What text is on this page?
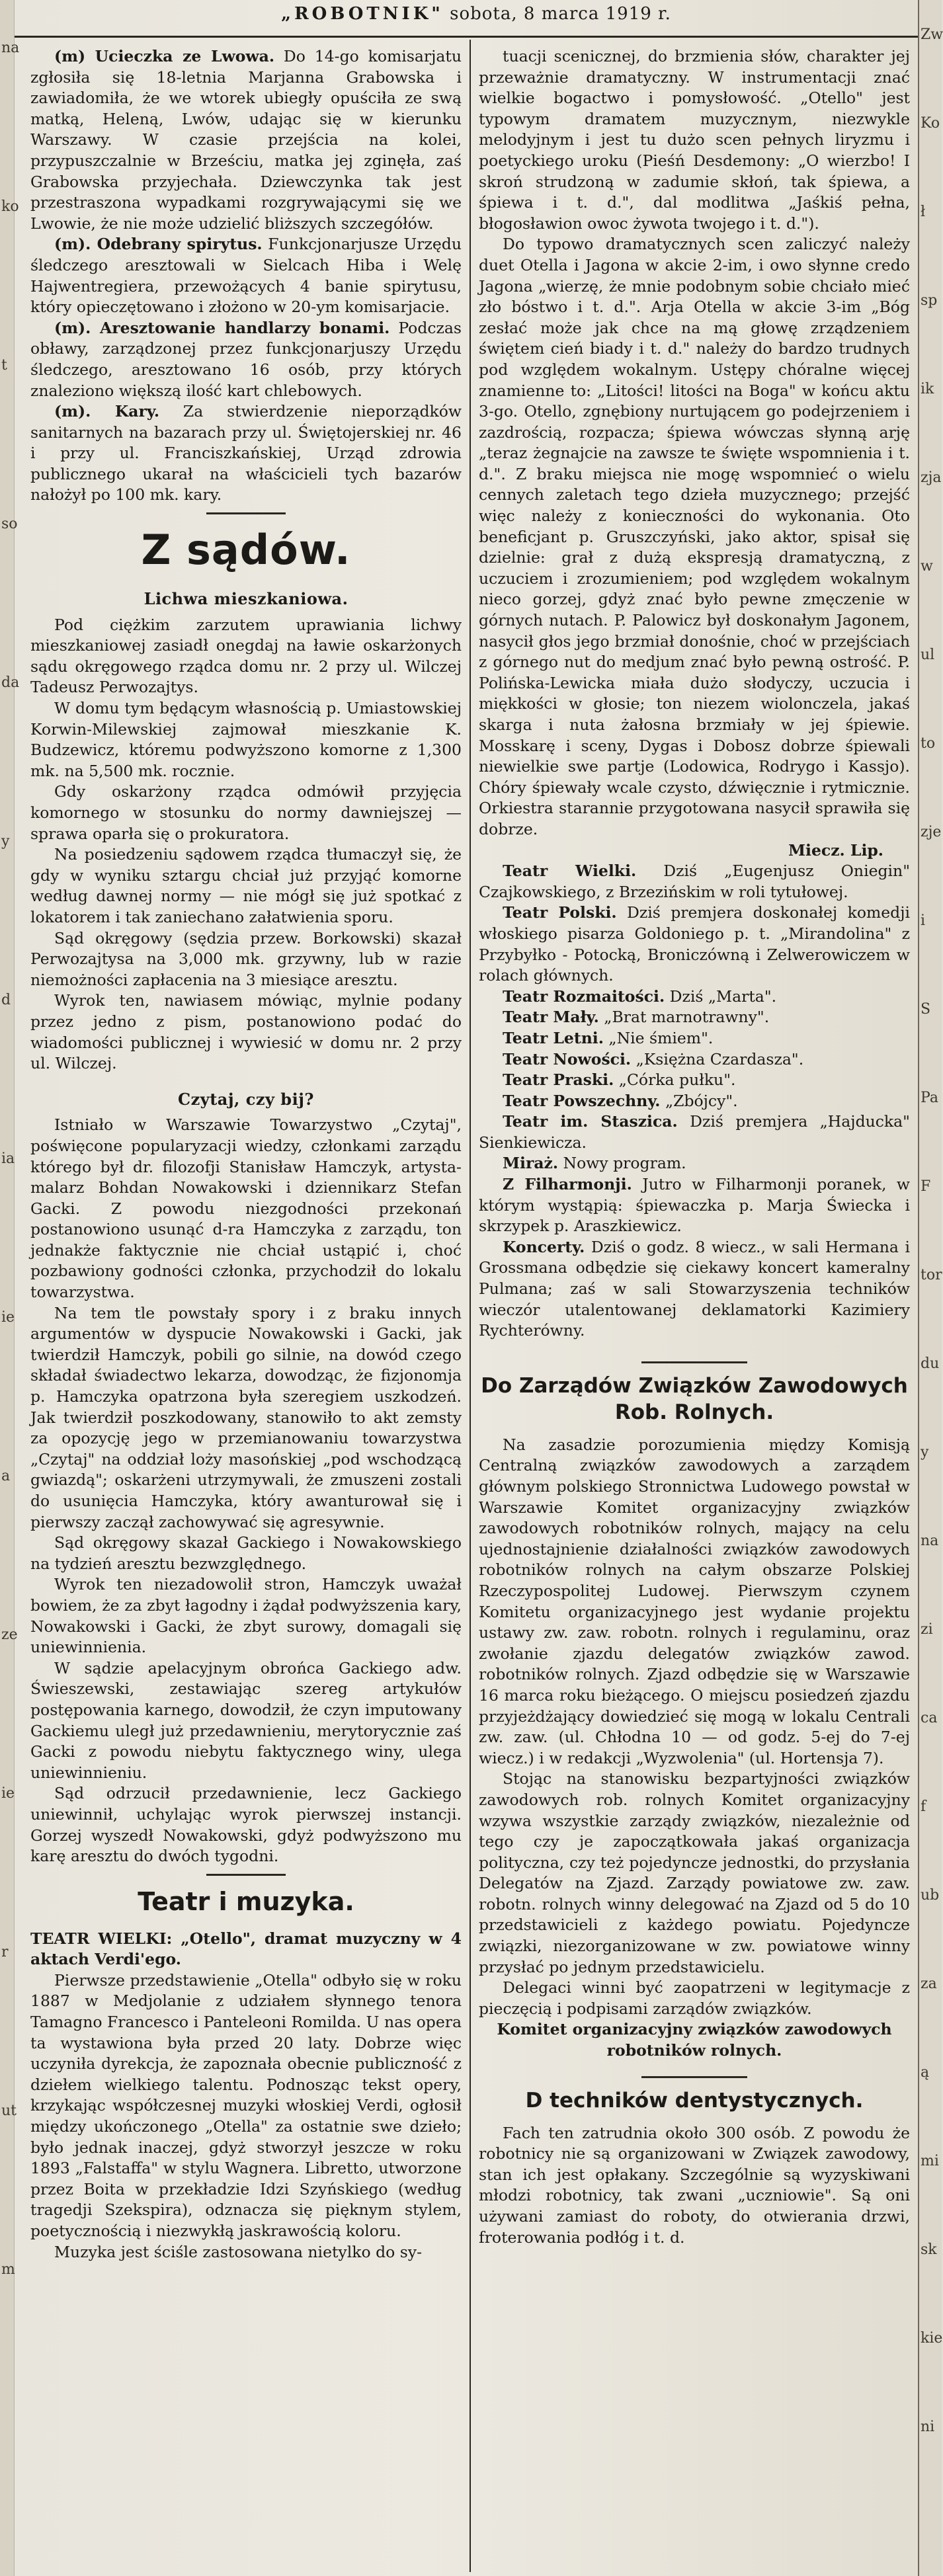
na
ko
t
so
da
y
d
ia
ie
a
ze
ie
r
ut
m
Zw
Ko
ł
sp
ik
zja
w
ul
to
zje
i
S
Pa
F
tor
du
y
na
zi
ca
f
ub
za
ą
mi
sk
kie
ni
„ROBOTNIK" sobota, 8 marca 1919 r.

(m) Ucieczka ze Lwowa. Do 14-go komisarjatu zgłosiła się 18-letnia Marjanna Grabowska i zawiadomiła, że we wtorek ubiegły opuściła ze swą matką, Heleną, Lwów, udając się w kierunku Warszawy. W czasie przejścia na kolei, przypuszczalnie w Brześciu, matka jej zginęła, zaś Grabowska przyjechała. Dziewczynka tak jest przestraszona wypadkami rozgrywającymi się we Lwowie, że nie może udzielić bliższych szczegółów.

(m). Odebrany spirytus. Funkcjonarjusze Urzędu śledczego aresztowali w Sielcach Hiba i Welę Hajwentregiera, przewożących 4 banie spirytusu, który opieczętowano i złożono w 20-ym komisarjacie.

(m). Aresztowanie handlarzy bonami. Podczas obławy, zarządzonej przez funkcjonarjuszy Urzędu śledczego, aresztowano 16 osób, przy których znaleziono większą ilość kart chlebowych.

(m). Kary. Za stwierdzenie nieporządków sanitarnych na bazarach przy ul. Świętojerskiej nr. 46 i przy ul. Franciszkańskiej, Urząd zdrowia publicznego ukarał na właścicieli tych bazarów nałożył po 100 mk. kary.

Z sądów.
Lichwa mieszkaniowa.

Pod ciężkim zarzutem uprawiania lichwy mieszkaniowej zasiadł onegdaj na ławie oskarżonych sądu okręgowego rządca domu nr. 2 przy ul. Wilczej Tadeusz Perwozajtys.

W domu tym będącym własnością p. Umiastowskiej Korwin-Milewskiej zajmował mieszkanie K. Budzewicz, któremu podwyższono komorne z 1,300 mk. na 5,500 mk. rocznie.

Gdy oskarżony rządca odmówił przyjęcia komornego w stosunku do normy dawniejszej — sprawa oparła się o prokuratora.

Na posiedzeniu sądowem rządca tłumaczył się, że gdy w wyniku sztargu chciał już przyjąć komorne według dawnej normy — nie mógł się już spotkać z lokatorem i tak zaniechano załatwienia sporu.

Sąd okręgowy (sędzia przew. Borkowski) skazał Perwozajtysa na 3,000 mk. grzywny, lub w razie niemożności zapłacenia na 3 miesiące aresztu.

Wyrok ten, nawiasem mówiąc, mylnie podany przez jedno z pism, postanowiono podać do wiadomości publicznej i wywiesić w domu nr. 2 przy ul. Wilczej.

Czytaj, czy bij?

Istniało w Warszawie Towarzystwo „Czytaj", poświęcone popularyzacji wiedzy, członkami zarządu którego był dr. filozofji Stanisław Hamczyk, artysta-malarz Bohdan Nowakowski i dziennikarz Stefan Gacki. Z powodu niezgodności przekonań postanowiono usunąć d-ra Hamczyka z zarządu, ton jednakże faktycznie nie chciał ustąpić i, choć pozbawiony godności członka, przychodził do lokalu towarzystwa.

Na tem tle powstały spory i z braku innych argumentów w dyspucie Nowakowski i Gacki, jak twierdził Hamczyk, pobili go silnie, na dowód czego składał świadectwo lekarza, dowodząc, że fizjonomja p. Hamczyka opatrzona była szeregiem uszkodzeń. Jak twierdził poszkodowany, stanowiło to akt zemsty za opozycję jego w przemianowaniu towarzystwa „Czytaj" na oddział loży masońskiej „pod wschodzącą gwiazdą"; oskarżeni utrzymywali, że zmuszeni zostali do usunięcia Hamczyka, który awanturował się i pierwszy zaczął zachowywać się agresywnie.

Sąd okręgowy skazał Gackiego i Nowakowskiego na tydzień aresztu bezwzględnego.

Wyrok ten niezadowolił stron, Hamczyk uważał bowiem, że za zbyt łagodny i żądał podwyższenia kary, Nowakowski i Gacki, że zbyt surowy, domagali się uniewinnienia.

W sądzie apelacyjnym obrońca Gackiego adw. Świeszewski, zestawiając szereg artykułów postępowania karnego, dowodził, że czyn imputowany Gackiemu uległ już przedawnieniu, merytorycznie zaś Gacki z powodu niebytu faktycznego winy, ulega uniewinnieniu.

Sąd odrzucił przedawnienie, lecz Gackiego uniewinnił, uchylając wyrok pierwszej instancji. Gorzej wyszedł Nowakowski, gdyż podwyższono mu karę aresztu do dwóch tygodni.

Teatr i muzyka.

TEATR WIELKI: „Otello", dramat muzyczny w 4 aktach Verdi'ego.

Pierwsze przedstawienie „Otella" odbyło się w roku 1887 w Medjolanie z udziałem słynnego tenora Tamagno Francesco i Panteleoni Romilda. U nas opera ta wystawiona była przed 20 laty. Dobrze więc uczyniła dyrekcja, że zapoznała obecnie publiczność z dziełem wielkiego talentu. Podnosząc tekst opery, krzykając współczesnej muzyki włoskiej Verdi, ogłosił między ukończonego „Otella" za ostatnie swe dzieło; było jednak inaczej, gdyż stworzył jeszcze w roku 1893 „Falstaffa" w stylu Wagnera. Libretto, utworzone przez Boita w przekładzie Idzi Szyńskiego (według tragedji Szekspira), odznacza się pięknym stylem, poetycznością i niezwykłą jaskrawością koloru.

Muzyka jest ściśle zastosowana nietylko do sy-

tuacji scenicznej, do brzmienia słów, charakter jej przeważnie dramatyczny. W instrumentacji znać wielkie bogactwo i pomysłowość. „Otello" jest typowym dramatem muzycznym, niezwykle melodyjnym i jest tu dużo scen pełnych liryzmu i poetyckiego uroku (Pieśń Desdemony: „O wierzbo! I skroń strudzoną w zadumie skłoń, tak śpiewa, a śpiewa i t. d.", dal modlitwa „Jaśkiś pełna, błogosławion owoc żywota twojego i t. d.").

Do typowo dramatycznych scen zaliczyć należy duet Otella i Jagona w akcie 2-im, i owo słynne credo Jagona „wierzę, że mnie podobnym sobie chciało mieć zło bóstwo i t. d.". Arja Otella w akcie 3-im „Bóg zesłać może jak chce na mą głowę zrządzeniem świętem cień biady i t. d." należy do bardzo trudnych pod względem wokalnym. Ustępy chóralne więcej znamienne to: „Litości! litości na Boga" w końcu aktu 3-go. Otello, zgnębiony nurtującem go podejrzeniem i zazdrością, rozpacza; śpiewa wówczas słynną arję „teraz żegnajcie na zawsze te święte wspomnienia i t. d.". Z braku miejsca nie mogę wspomnieć o wielu cennych zaletach tego dzieła muzycznego; przejść więc należy z konieczności do wykonania. Oto beneficjant p. Gruszczyński, jako aktor, spisał się dzielnie: grał z dużą ekspresją dramatyczną, z uczuciem i zrozumieniem; pod względem wokalnym nieco gorzej, gdyż znać było pewne zmęczenie w górnych nutach. P. Palowicz był doskonałym Jagonem, nasycił głos jego brzmiał donośnie, choć w przejściach z górnego nut do medjum znać było pewną ostrość. P. Polińska-Lewicka miała dużo słodyczy, uczucia i miękkości w głosie; ton niezem wiolonczela, jakaś skarga i nuta żałosna brzmiały w jej śpiewie. Mosskarę i sceny, Dygas i Dobosz dobrze śpiewali niewielkie swe partje (Lodowica, Rodrygo i Kassjo). Chóry śpiewały wcale czysto, dźwięcznie i rytmicznie. Orkiestra starannie przygotowana nasycił sprawiła się dobrze.

Miecz. Lip.

Teatr Wielki. Dziś „Eugenjusz Oniegin" Czajkowskiego, z Brzezińskim w roli tytułowej.

Teatr Polski. Dziś premjera doskonałej komedji włoskiego pisarza Goldoniego p. t. „Mirandolina" z Przybyłko - Potocką, Broniczówną i Zelwerowiczem w rolach głównych.

Teatr Rozmaitości. Dziś „Marta".

Teatr Mały. „Brat marnotrawny".

Teatr Letni. „Nie śmiem".

Teatr Nowości. „Księżna Czardasza".

Teatr Praski. „Córka pułku".

Teatr Powszechny. „Zbójcy".

Teatr im. Staszica. Dziś premjera „Hajducka" Sienkiewicza.

Miraż. Nowy program.

Z Filharmonji. Jutro w Filharmonji poranek, w którym wystąpią: śpiewaczka p. Marja Świecka i skrzypek p. Araszkiewicz.

Koncerty. Dziś o godz. 8 wiecz., w sali Hermana i Grossmana odbędzie się ciekawy koncert kameralny Pulmana; zaś w sali Stowarzyszenia techników wieczór utalentowanej deklamatorki Kazimiery Rychterówny.

Do Zarządów Związków Zawodowych Rob. Rolnych.

Na zasadzie porozumienia między Komisją Centralną związków zawodowych a zarządem głównym polskiego Stronnictwa Ludowego powstał w Warszawie Komitet organizacyjny związków zawodowych robotników rolnych, mający na celu ujednostajnienie działalności związków zawodowych robotników rolnych na całym obszarze Polskiej Rzeczypospolitej Ludowej. Pierwszym czynem Komitetu organizacyjnego jest wydanie projektu ustawy zw. zaw. robotn. rolnych i regulaminu, oraz zwołanie zjazdu delegatów związków zawod. robotników rolnych. Zjazd odbędzie się w Warszawie 16 marca roku bieżącego. O miejscu posiedzeń zjazdu przyjeżdżający dowiedzieć się mogą w lokalu Centrali zw. zaw. (ul. Chłodna 10 — od godz. 5-ej do 7-ej wiecz.) i w redakcji „Wyzwolenia" (ul. Hortensja 7).

Stojąc na stanowisku bezpartyjności związków zawodowych rob. rolnych Komitet organizacyjny wzywa wszystkie zarządy związków, niezależnie od tego czy je zapoczątkowała jakaś organizacja polityczna, czy też pojedyncze jednostki, do przysłania Delegatów na Zjazd. Zarządy powiatowe zw. zaw. robotn. rolnych winny delegować na Zjazd od 5 do 10 przedstawicieli z każdego powiatu. Pojedyncze związki, niezorganizowane w zw. powiatowe winny przysłać po jednym przedstawicielu.

Delegaci winni być zaopatrzeni w legitymacje z pieczęcią i podpisami zarządów związków.

Komitet organizacyjny związków zawodowych robotników rolnych.
D techników dentystycznych.

Fach ten zatrudnia około 300 osób. Z powodu że robotnicy nie są organizowani w Związek zawodowy, stan ich jest opłakany. Szczególnie są wyzyskiwani młodzi robotnicy, tak zwani „uczniowie". Są oni używani zamiast do roboty, do otwierania drzwi, froterowania podłóg i t. d.
